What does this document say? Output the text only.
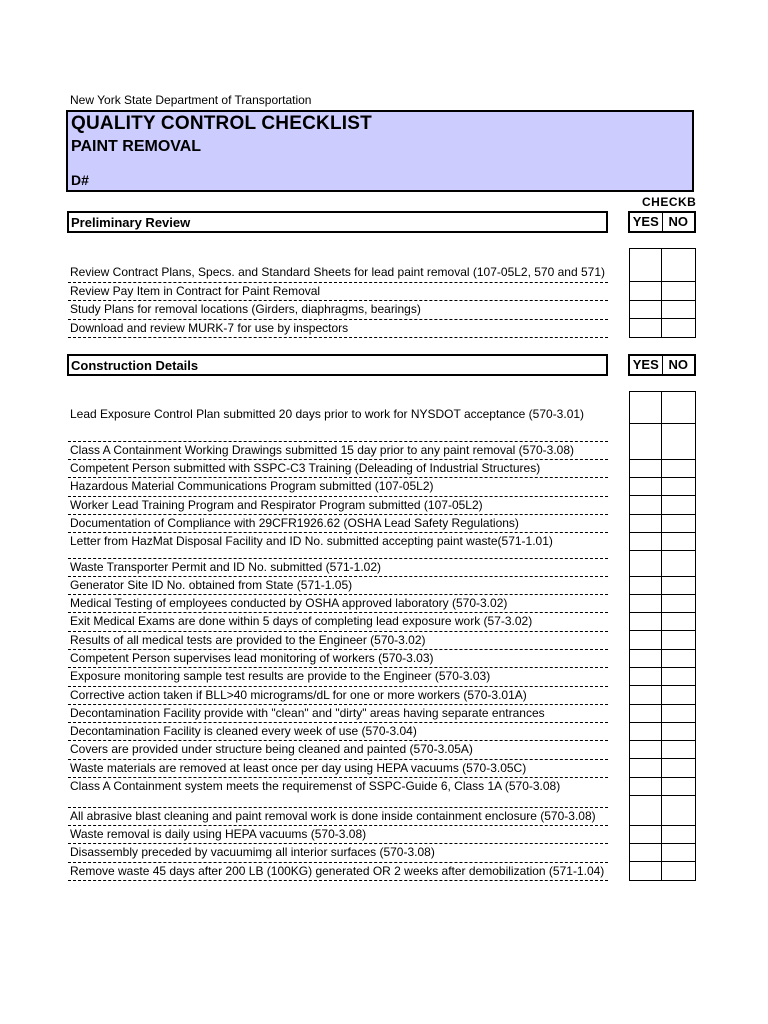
New York State Department of Transportation
QUALITY CONTROL CHECKLIST
PAINT REMOVAL
D#
CHECKB
Preliminary Review	YES NO
Review Contract Plans, Specs. and Standard Sheets for lead paint removal (107-05L2, 570 and 571)
Review Pay Item in Contract for Paint Removal
Study Plans for removal locations (Girders, diaphragms, bearings)
Download and review MURK-7 for use by inspectors
Construction Details	YES NO
Lead Exposure Control Plan submitted 20 days prior to work for NYSDOT acceptance (570-3.01)
Class A Containment Working Drawings submitted 15 day prior to any paint removal (570-3.08)
Competent Person submitted with SSPC-C3 Training (Deleading of Industrial Structures)
Hazardous Material Communications Program submitted (107-05L2)
Worker Lead Training Program and Respirator Program submitted (107-05L2)
Documentation of Compliance with 29CFR1926.62 (OSHA Lead Safety Regulations)
Letter from HazMat Disposal Facility and ID No. submitted accepting paint waste(571-1.01)
Waste Transporter Permit and ID No. submitted (571-1.02)
Generator Site ID No. obtained from State (571-1.05)
Medical Testing of employees conducted by OSHA approved laboratory (570-3.02)
Exit Medical Exams are done within 5 days of completing lead exposure work (57-3.02)
Results of all medical tests are provided to the Engineer (570-3.02)
Competent Person supervises lead monitoring of workers (570-3.03)
Exposure monitoring sample test results are provide to the Engineer (570-3.03)
Corrective action taken if BLL>40 micrograms/dL for one or more workers (570-3.01A)
Decontamination Facility provide with "clean" and "dirty" areas having separate entrances
Decontamination Facility is cleaned every week of use (570-3.04)
Covers are provided under structure being cleaned and painted (570-3.05A)
Waste materials are removed at least once per day using HEPA vacuums (570-3.05C)
Class A Containment system meets the requiremenst of SSPC-Guide 6, Class 1A (570-3.08)
All abrasive blast cleaning and paint removal work is done inside containment enclosure (570-3.08)
Waste removal is daily using HEPA vacuums (570-3.08)
Disassembly preceded by vacuumimg all interior surfaces (570-3.08)
Remove waste 45 days after 200 LB (100KG) generated OR 2 weeks after demobilization (571-1.04)
